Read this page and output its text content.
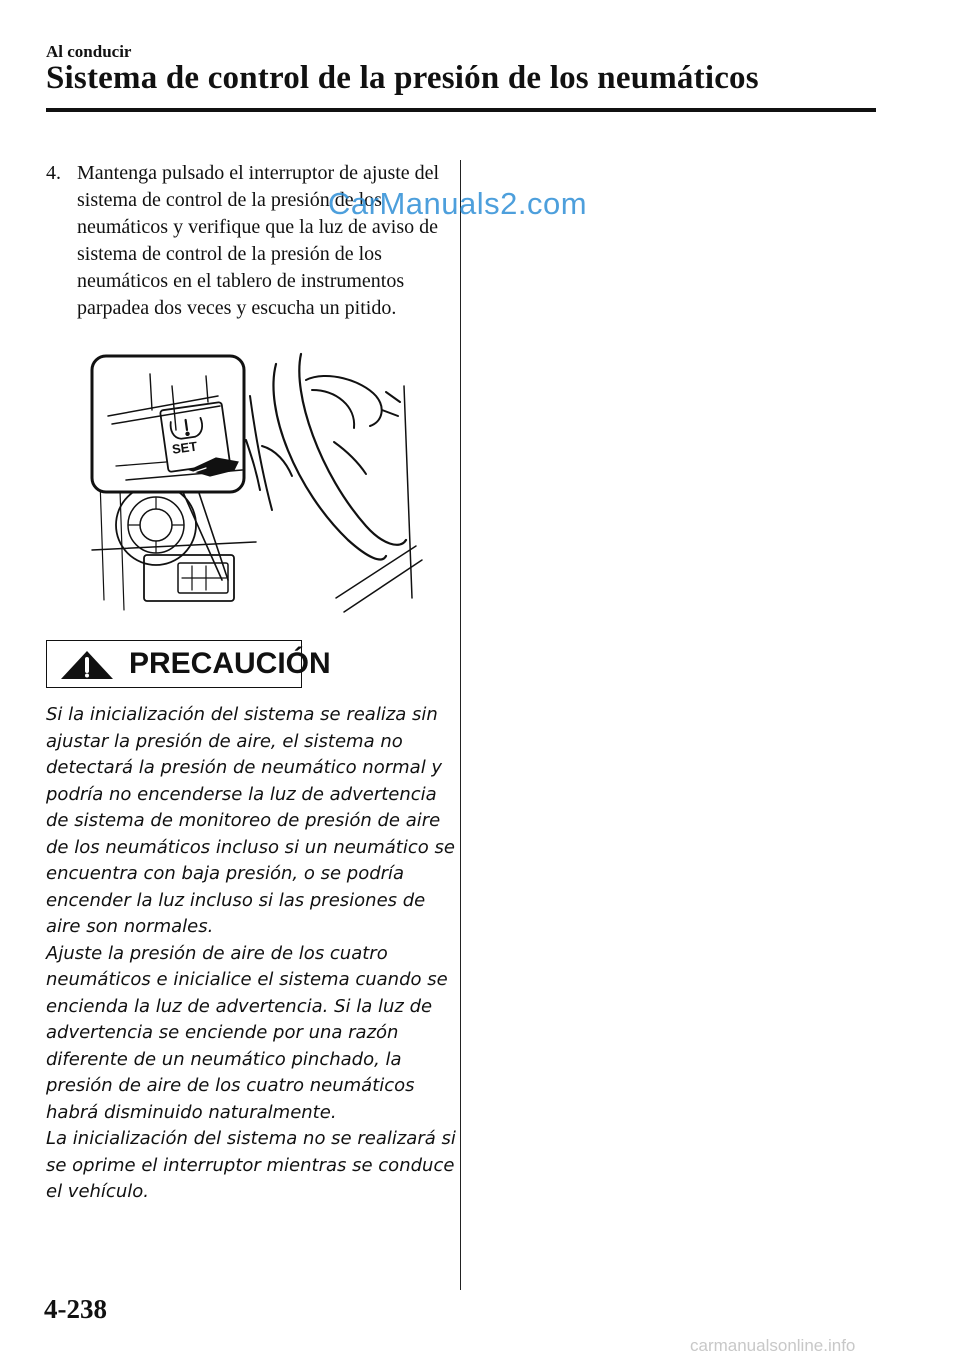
Al conducir
Sistema de control de la presión de los neumáticos
4. Mantenga pulsado el interruptor de ajuste del sistema de control de la presión de los neumáticos y verifique que la luz de aviso de sistema de control de la presión de los neumáticos en el tablero de instrumentos parpadea dos veces y escucha un pitido.
CarManuals2.com
SET
PRECAUCIÓN

Si la inicialización del sistema se realiza sin ajustar la presión de aire, el sistema no detectará la presión de neumático normal y podría no encenderse la luz de advertencia de sistema de monitoreo de presión de aire de los neumáticos incluso si un neumático se encuentra con baja presión, o se podría encender la luz incluso si las presiones de aire son normales.

Ajuste la presión de aire de los cuatro neumáticos e inicialice el sistema cuando se encienda la luz de advertencia. Si la luz de advertencia se enciende por una razón diferente de un neumático pinchado, la presión de aire de los cuatro neumáticos habrá disminuido naturalmente.

La inicialización del sistema no se realizará si se oprime el interruptor mientras se conduce el vehículo.

4-238
carmanualsonline.info
